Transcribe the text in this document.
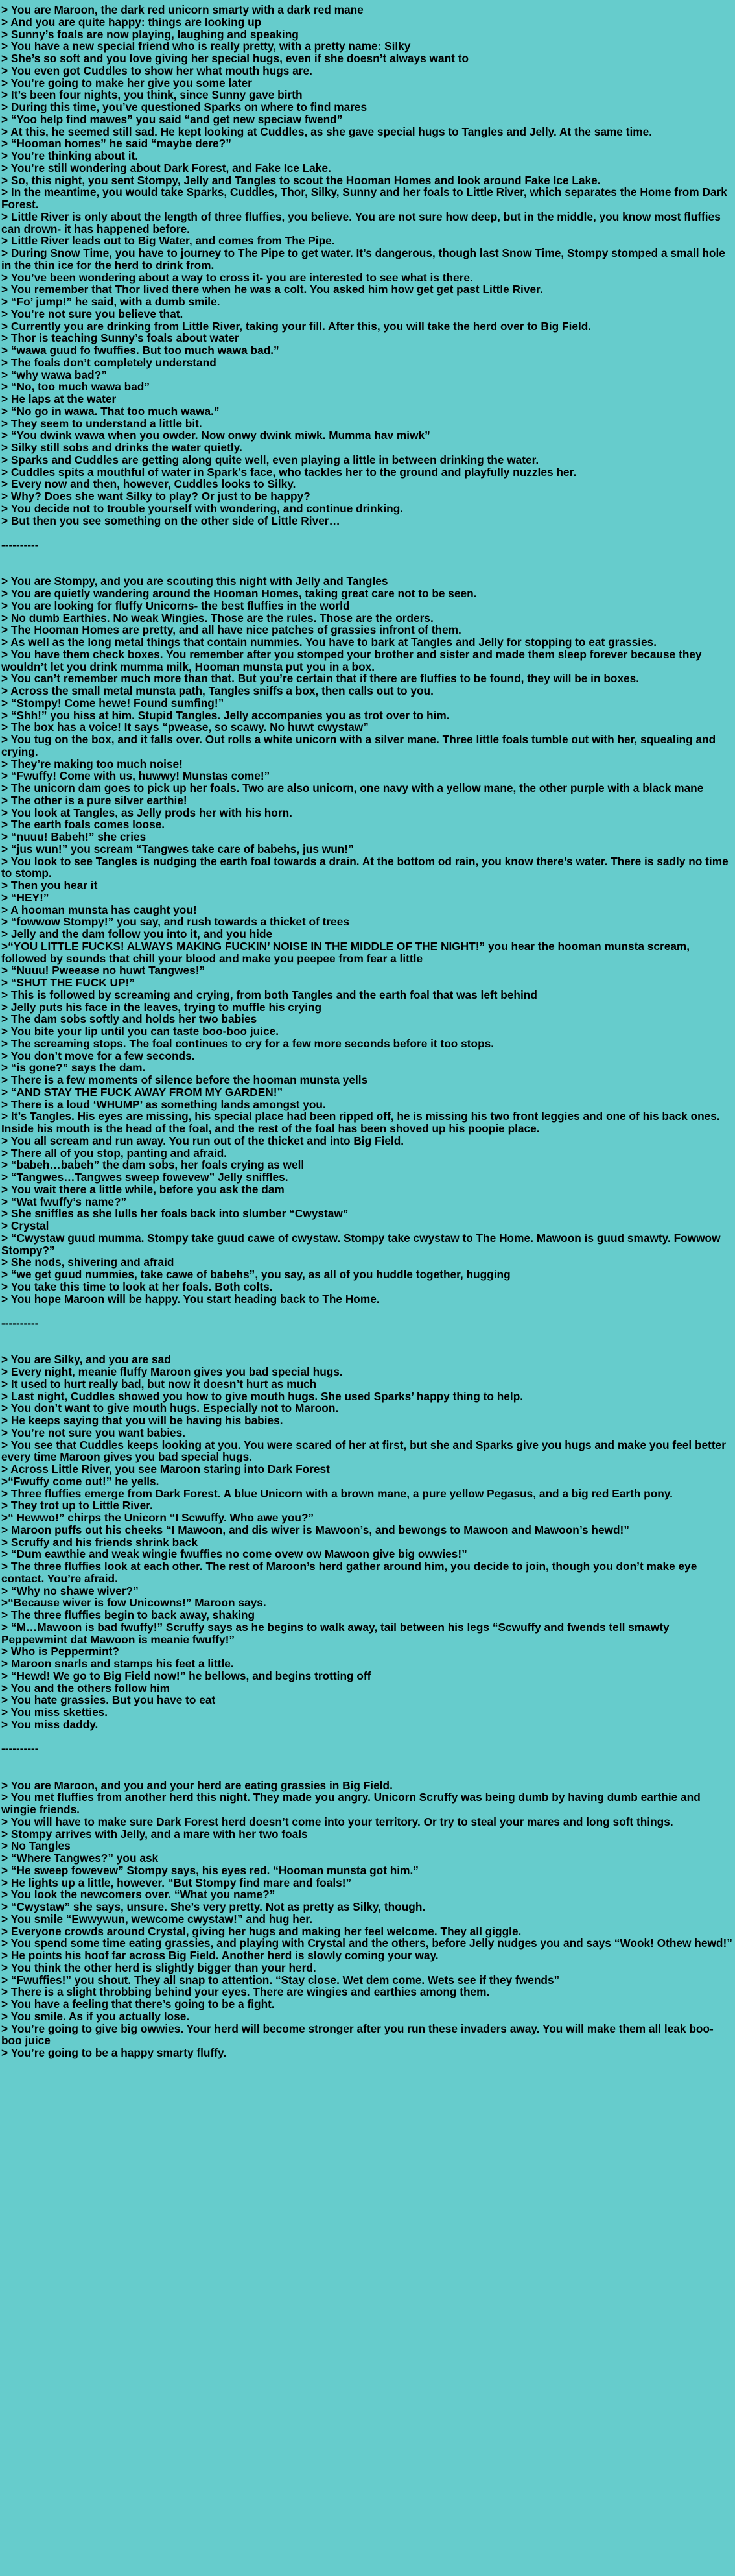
> You are Maroon, the dark red unicorn smarty with a dark red mane
> And you are quite happy: things are looking up
> Sunny’s foals are now playing, laughing and speaking
> You have a new special friend who is really pretty, with a pretty name: Silky
> She’s so soft and you love giving her special hugs, even if she doesn’t always want to
> You even got Cuddles to show her what mouth hugs are.
> You’re going to make her give you some later
> It’s been four nights, you think, since Sunny gave birth
> During this time, you’ve questioned Sparks on where to find mares
> “Yoo help find mawes” you said “and get new speciaw fwend”
> At this, he seemed still sad. He kept looking at Cuddles, as she gave special hugs to Tangles and Jelly. At the same time.
> “Hooman homes” he said “maybe dere?”
> You’re thinking about it.
> You’re still wondering about Dark Forest, and Fake Ice Lake.
> So, this night, you sent Stompy, Jelly and Tangles to scout the Hooman Homes and look around Fake Ice Lake.
> In the meantime, you would take Sparks, Cuddles, Thor, Silky, Sunny and her foals to Little River, which separates the Home from Dark Forest.
> Little River is only about the length of three fluffies, you believe. You are not sure how deep, but in the middle, you know most fluffies can drown- it has happened before.
> Little River leads out to Big Water, and comes from The Pipe.
> During Snow Time, you have to journey to The Pipe to get water. It’s dangerous, though last Snow Time, Stompy stomped a small hole in the thin ice for the herd to drink from.
> You’ve been wondering about a way to cross it- you are interested to see what is there.
> You remember that Thor lived there when he was a colt. You asked him how get get past Little River.
> “Fo’ jump!” he said, with a dumb smile.
> You’re not sure you believe that.
> Currently you are drinking from Little River, taking your fill. After this, you will take the herd over to Big Field.
> Thor is teaching Sunny’s foals about water
> “wawa guud fo fwuffies. But too much wawa bad.”
> The foals don’t completely understand
> “why wawa bad?”
> “No, too much wawa bad”
> He laps at the water
> “No go in wawa. That too much wawa.”
> They seem to understand a little bit.
> “You dwink wawa when you owder. Now onwy dwink miwk. Mumma hav miwk”
> Silky still sobs and drinks the water quietly.
> Sparks and Cuddles are getting along quite well, even playing a little in between drinking the water.
> Cuddles spits a mouthful of water in Spark’s face, who tackles her to the ground and playfully nuzzles her.
> Every now and then, however, Cuddles looks to Silky.
> Why? Does she want Silky to play? Or just to be happy?
> You decide not to trouble yourself with wondering, and continue drinking.
> But then you see something on the other side of Little River…
----------
> You are Stompy, and you are scouting this night with Jelly and Tangles
> You are quietly wandering around the Hooman Homes, taking great care not to be seen.
> You are looking for fluffy Unicorns- the best fluffies in the world
> No dumb Earthies. No weak Wingies. Those are the rules. Those are the orders.
> The Hooman Homes are pretty, and all have nice patches of grassies infront of them.
> As well as the long metal things that contain nummies. You have to bark at Tangles and Jelly for stopping to eat grassies.
> You have them check boxes. You remember after you stomped your brother and sister and made them sleep forever because they wouldn’t let you drink mumma milk, Hooman munsta put you in a box.
> You can’t remember much more than that. But you’re certain that if there are fluffies to be found, they will be in boxes.
> Across the small metal munsta path, Tangles sniffs a box, then calls out to you.
> “Stompy! Come hewe! Found sumfing!”
> “Shh!” you hiss at him. Stupid Tangles. Jelly accompanies you as trot over to him.
> The box has a voice! It says “pwease, so scawy. No huwt cwystaw”
> You tug on the box, and it falls over. Out rolls a white unicorn with a silver mane. Three little foals tumble out with her, squealing and crying.
> They’re making too much noise!
> “Fwuffy! Come with us, huwwy! Munstas come!”
> The unicorn dam goes to pick up her foals. Two are also unicorn, one navy with a yellow mane, the other purple with a black mane
> The other is a pure silver earthie!
> You look at Tangles, as Jelly prods her with his horn.
> The earth foals comes loose.
> “nuuu! Babeh!” she cries
> “jus wun!” you scream “Tangwes take care of babehs, jus wun!”
> You look to see Tangles is nudging the earth foal towards a drain. At the bottom od rain, you know there’s water. There is sadly no time to stomp.
> Then you hear it
> “HEY!”
> A hooman munsta has caught you!
> “fowwow Stompy!” you say, and rush towards a thicket of trees
> Jelly and the dam follow you into it, and you hide
>“YOU LITTLE FUCKS! ALWAYS MAKING FUCKIN’ NOISE IN THE MIDDLE OF THE NIGHT!” you hear the hooman munsta scream, followed by sounds that chill your blood and make you peepee from fear a little
> “Nuuu! Pweease no huwt Tangwes!”
> “SHUT THE FUCK UP!”
> This is followed by screaming and crying, from both Tangles and the earth foal that was left behind
> Jelly puts his face in the leaves, trying to muffle his crying
> The dam sobs softly and holds her two babies
> You bite your lip until you can taste boo-boo juice.
> The screaming stops. The foal continues to cry for a few more seconds before it too stops.
> You don’t move for a few seconds.
> “is gone?” says the dam.
> There is a few moments of silence before the hooman munsta yells
> “AND STAY THE FUCK AWAY FROM MY GARDEN!”
> There is a loud ‘WHUMP’ as something lands amongst you.
> It’s Tangles. His eyes are missing, his special place had been ripped off, he is missing his two front leggies and one of his back ones. Inside his mouth is the head of the foal, and the rest of the foal has been shoved up his poopie place.
> You all scream and run away. You run out of the thicket and into Big Field.
> There all of you stop, panting and afraid.
> “babeh…babeh” the dam sobs, her foals crying as well
> “Tangwes…Tangwes sweep fowevew” Jelly sniffles.
> You wait there a little while, before you ask the dam
> “Wat fwuffy’s name?”
> She sniffles as she lulls her foals back into slumber “Cwystaw”
> Crystal
> “Cwystaw guud mumma. Stompy take guud cawe of cwystaw. Stompy take cwystaw to The Home. Mawoon is guud smawty. Fowwow Stompy?”
> She nods, shivering and afraid
> “we get guud nummies, take cawe of babehs”, you say, as all of you huddle together, hugging
> You take this time to look at her foals. Both colts.
> You hope Maroon will be happy. You start heading back to The Home.
----------
> You are Silky, and you are sad
> Every night, meanie fluffy Maroon gives you bad special hugs.
> It used to hurt really bad, but now it doesn’t hurt as much
> Last night, Cuddles showed you how to give mouth hugs. She used Sparks’ happy thing to help.
> You don’t want to give mouth hugs. Especially not to Maroon.
> He keeps saying that you will be having his babies.
> You’re not sure you want babies.
> You see that Cuddles keeps looking at you. You were scared of her at first, but she and Sparks give you hugs and make you feel better every time Maroon gives you bad special hugs.
> Across Little River, you see Maroon staring into Dark Forest
>“Fwuffy come out!” he yells.
> Three fluffies emerge from Dark Forest. A blue Unicorn with a brown mane, a pure yellow Pegasus, and a big red Earth pony.
> They trot up to Little River.
>“ Hewwo!” chirps the Unicorn “I Scwuffy. Who awe you?”
> Maroon puffs out his cheeks “I Mawoon, and dis wiver is Mawoon’s, and bewongs to Mawoon and Mawoon’s hewd!”
> Scruffy and his friends shrink back
> “Dum eawthie and weak wingie fwuffies no come ovew ow Mawoon give big owwies!”
> The three fluffies look at each other. The rest of Maroon’s herd gather around him, you decide to join, though you don’t make eye contact. You’re afraid.
> “Why no shawe wiver?”
>“Because wiver is fow Unicowns!” Maroon says.
> The three fluffies begin to back away, shaking
> “M…Mawoon is bad fwuffy!” Scruffy says as he begins to walk away, tail between his legs “Scwuffy and fwends tell smawty Peppewmint dat Mawoon is meanie fwuffy!”
> Who is Peppermint?
> Maroon snarls and stamps his feet a little.
> “Hewd! We go to Big Field now!” he bellows, and begins trotting off
> You and the others follow him
> You hate grassies. But you have to eat
> You miss sketties.
> You miss daddy.
----------
> You are Maroon, and you and your herd are eating grassies in Big Field.
> You met fluffies from another herd this night. They made you angry. Unicorn Scruffy was being dumb by having dumb earthie and wingie friends.
> You will have to make sure Dark Forest herd doesn’t come into your territory. Or try to steal your mares and long soft things.
> Stompy arrives with Jelly, and a mare with her two foals
> No Tangles
> “Where Tangwes?” you ask
> “He sweep fowevew” Stompy says, his eyes red. “Hooman munsta got him.”
> He lights up a little, however. “But Stompy find mare and foals!”
> You look the newcomers over. “What you name?”
> “Cwystaw” she says, unsure. She’s very pretty. Not as pretty as Silky, though.
> You smile “Ewwywun, wewcome cwystaw!” and hug her.
> Everyone crowds around Crystal, giving her hugs and making her feel welcome. They all giggle.
> You spend some time eating grassies, and playing with Crystal and the others, before Jelly nudges you and says “Wook! Othew hewd!”
> He points his hoof far across Big Field. Another herd is slowly coming your way.
> You think the other herd is slightly bigger than your herd.
> “Fwuffies!” you shout. They all snap to attention. “Stay close. Wet dem come. Wets see if they fwends”
> There is a slight throbbing behind your eyes. There are wingies and earthies among them.
> You have a feeling that there’s going to be a fight.
> You smile. As if you actually lose.
> You’re going to give big owwies. Your herd will become stronger after you run these invaders away. You will make them all leak boo-boo juice
> You’re going to be a happy smarty fluffy.
